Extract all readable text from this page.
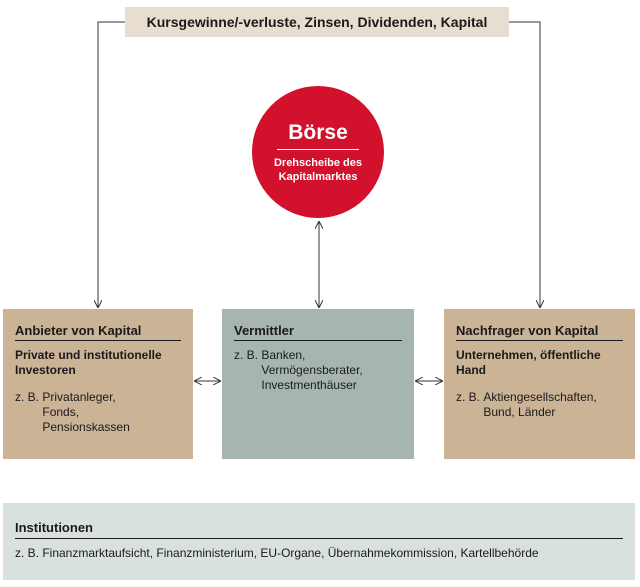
Kursgewinne/-verluste, Zinsen, Dividenden, Kapital
Börse
Drehscheibe des Kapitalmarktes
Anbieter von Kapital
Private und institutionelle Investoren
z. B.
Privatanleger,
Fonds,
Pensionskassen
Vermittler
z. B.
Banken,
Vermögensberater,
Investmenthäuser
Nachfrager von Kapital
Unternehmen, öffentliche Hand
z. B.
Aktiengesellschaften,
Bund, Länder
Institutionen
z. B. Finanzmarktaufsicht, Finanzministerium, EU-Organe, Übernahmekommission, Kartellbehörde
